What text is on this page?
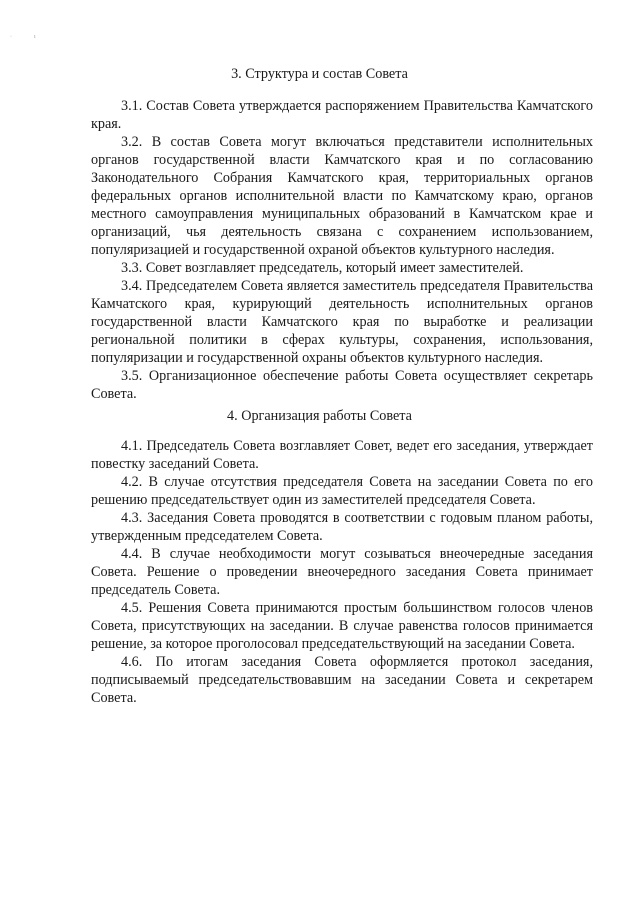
·	ı
3. Структура и состав Совета

3.1. Состав Совета утверждается распоряжением Правительства Камчатского края.

3.2. В состав Совета могут включаться представители исполнительных органов государственной власти Камчатского края и по согласованию Законодательного Собрания Камчатского края, территориальных органов федеральных органов исполнительной власти по Камчатскому краю, органов местного самоуправления муниципальных образований в Камчатском крае и организаций, чья деятельность связана с сохранением использованием, популяризацией и государственной охраной объектов культурного наследия.

3.3. Совет возглавляет председатель, который имеет заместителей.

3.4. Председателем Совета является заместитель председателя Правительства Камчатского края, курирующий деятельность исполнительных органов государственной власти Камчатского края по выработке и реализации региональной политики в сферах культуры, сохранения, использования, популяризации и государственной охраны объектов культурного наследия.

3.5. Организационное обеспечение работы Совета осуществляет секретарь Совета.

4. Организация работы Совета

4.1. Председатель Совета возглавляет Совет, ведет его заседания, утверждает повестку заседаний Совета.

4.2. В случае отсутствия председателя Совета на заседании Совета по его решению председательствует один из заместителей председателя Совета.

4.3. Заседания Совета проводятся в соответствии с годовым планом работы, утвержденным председателем Совета.

4.4. В случае необходимости могут созываться внеочередные заседания Совета. Решение о проведении внеочередного заседания Совета принимает председатель Совета.

4.5. Решения Совета принимаются простым большинством голосов членов Совета, присутствующих на заседании. В случае равенства голосов принимается решение, за которое проголосовал председательствующий на заседании Совета.

4.6. По итогам заседания Совета оформляется протокол заседания, подписываемый председательствовавшим на заседании Совета и секретарем Совета.
